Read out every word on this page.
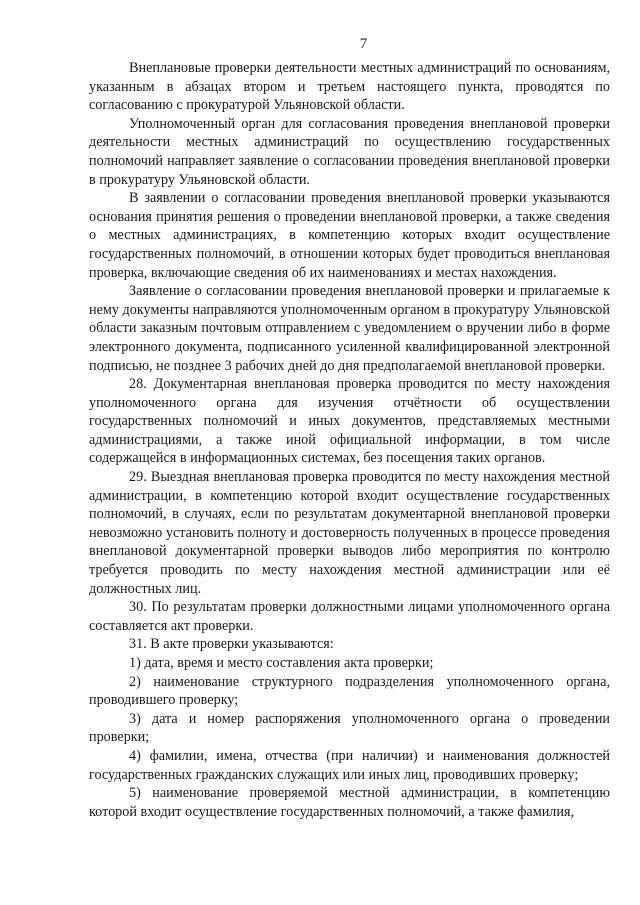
7

Внеплановые проверки деятельности местных администраций по основаниям, указанным в абзацах втором и третьем настоящего пункта, проводятся по согласованию с прокуратурой Ульяновской области.

Уполномоченный орган для согласования проведения внеплановой проверки деятельности местных администраций по осуществлению государственных полномочий направляет заявление о согласовании проведения внеплановой проверки в прокуратуру Ульяновской области.

В заявлении о согласовании проведения внеплановой проверки указываются основания принятия решения о проведении внеплановой проверки, а также сведения о местных администрациях, в компетенцию которых входит осуществление государственных полномочий, в отношении которых будет проводиться внеплановая проверка, включающие сведения об их наименованиях и местах нахождения.

Заявление о согласовании проведения внеплановой проверки и прилагаемые к нему документы направляются уполномоченным органом в прокуратуру Ульяновской области заказным почтовым отправлением с уведомлением о вручении либо в форме электронного документа, подписанного усиленной квалифицированной электронной подписью, не позднее 3 рабочих дней до дня предполагаемой внеплановой проверки.

28. Документарная внеплановая проверка проводится по месту нахождения уполномоченного органа для изучения отчётности об осуществлении государственных полномочий и иных документов, представляемых местными администрациями, а также иной официальной информации, в том числе содержащейся в информационных системах, без посещения таких органов.

29. Выездная внеплановая проверка проводится по месту нахождения местной администрации, в компетенцию которой входит осуществление государственных полномочий, в случаях, если по результатам документарной внеплановой проверки невозможно установить полноту и достоверность полученных в процессе проведения внеплановой документарной проверки выводов либо мероприятия по контролю требуется проводить по месту нахождения местной администрации или её должностных лиц.

30. По результатам проверки должностными лицами уполномоченного органа составляется акт проверки.

31. В акте проверки указываются:

1) дата, время и место составления акта проверки;

2) наименование структурного подразделения уполномоченного органа, проводившего проверку;

3) дата и номер распоряжения уполномоченного органа о проведении проверки;

4) фамилии, имена, отчества (при наличии) и наименования должностей государственных гражданских служащих или иных лиц, проводивших проверку;

5) наименование проверяемой местной администрации, в компетенцию которой входит осуществление государственных полномочий, а также фамилия,
